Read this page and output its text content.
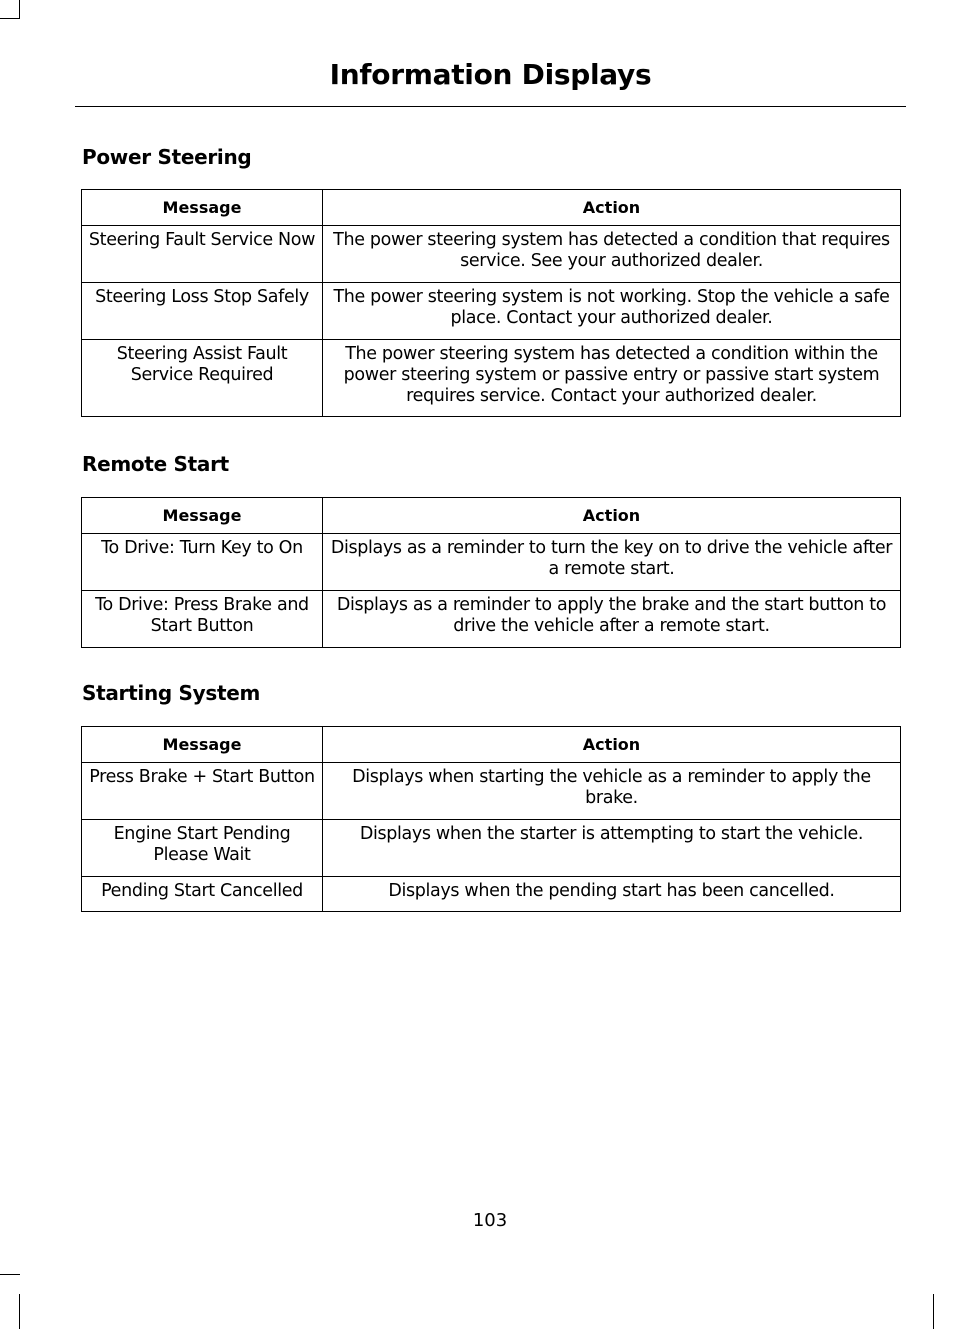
Information Displays
Power Steering
Message	Action
Steering Fault Service Now	The power steering system has detected a condition that requires service. See your authorized dealer.
Steering Loss Stop Safely	The power steering system is not working. Stop the vehicle a safe place. Contact your authorized dealer.
Steering Assist Fault Service Required	The power steering system has detected a condition within the power steering system or passive entry or passive start system requires service. Contact your authorized dealer.
Remote Start
Message	Action
To Drive: Turn Key to On	Displays as a reminder to turn the key on to drive the vehicle after a remote start.
To Drive: Press Brake and Start Button	Displays as a reminder to apply the brake and the start button to drive the vehicle after a remote start.
Starting System
Message	Action
Press Brake + Start Button	Displays when starting the vehicle as a reminder to apply the brake.
Engine Start Pending Please Wait	Displays when the starter is attempting to start the vehicle.
Pending Start Cancelled	Displays when the pending start has been cancelled.
103
